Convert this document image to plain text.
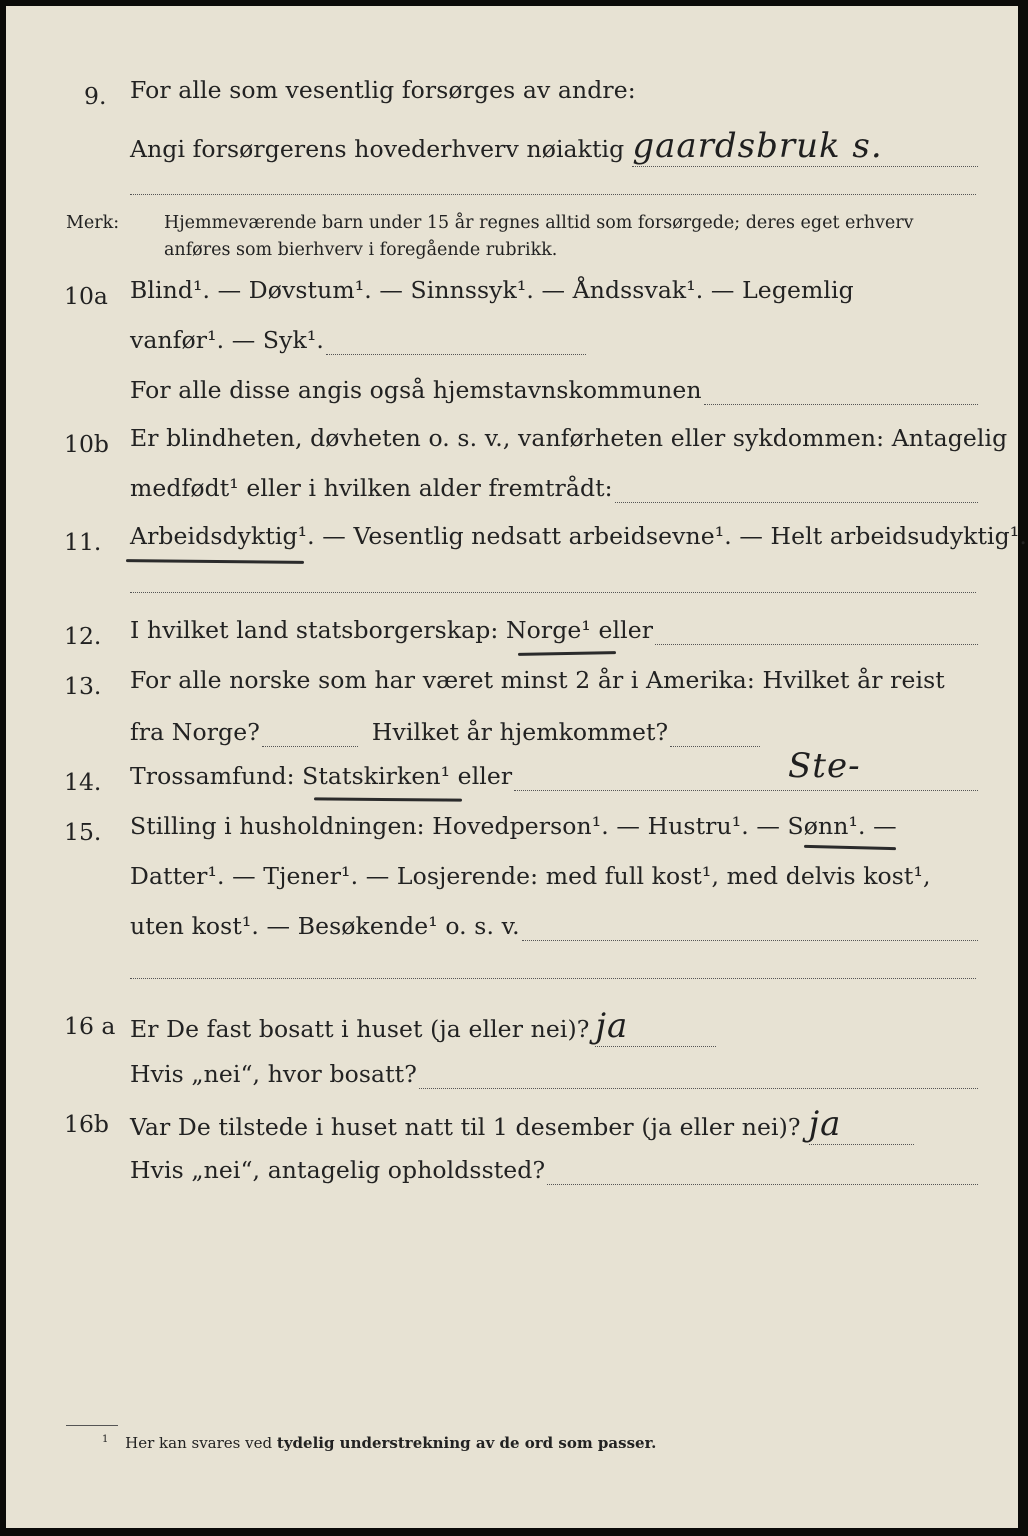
9. For alle som vesentlig forsørges av andre:
Angi forsørgerens hovederhverv nøiaktig gaardsbruk s.
Merk:	Hjemmeværende barn under 15 år regnes alltid som forsørgede; deres eget erhverv
anføres som bierhverv i foregående rubrikk.
10a Blind¹. — Døvstum¹. — Sinnssyk¹. — Åndssvak¹. — Legemlig
vanfør¹. — Syk¹.
For alle disse angis også hjemstavnskommunen
10b Er blindheten, døvheten o. s. v., vanførheten eller sykdommen: Antagelig
medfødt¹ eller i hvilken alder fremtrådt:
11. Arbeidsdyktig¹. — Vesentlig nedsatt arbeidsevne¹. — Helt arbeidsudyktig¹.
12. I hvilket land statsborgerskap: Norge¹ eller
13. For alle norske som har været minst 2 år i Amerika: Hvilket år reist
fra Norge?	Hvilket år hjemkommet?
14. Trossamfund: Statskirken¹ eller	Ste-
15. Stilling i husholdningen: Hovedperson¹. — Hustru¹. — Sønn¹. —
Datter¹. — Tjener¹. — Losjerende: med full kost¹, med delvis kost¹,
uten kost¹. — Besøkende¹ o. s. v.
16 a Er De fast bosatt i huset (ja eller nei)? ja
Hvis „nei“, hvor bosatt?
16b Var De tilstede i huset natt til 1 desember (ja eller nei)? ja
Hvis „nei“, antagelig opholdssted?
$^1$ Her kan svares ved tydelig understrekning av de ord som passer.
